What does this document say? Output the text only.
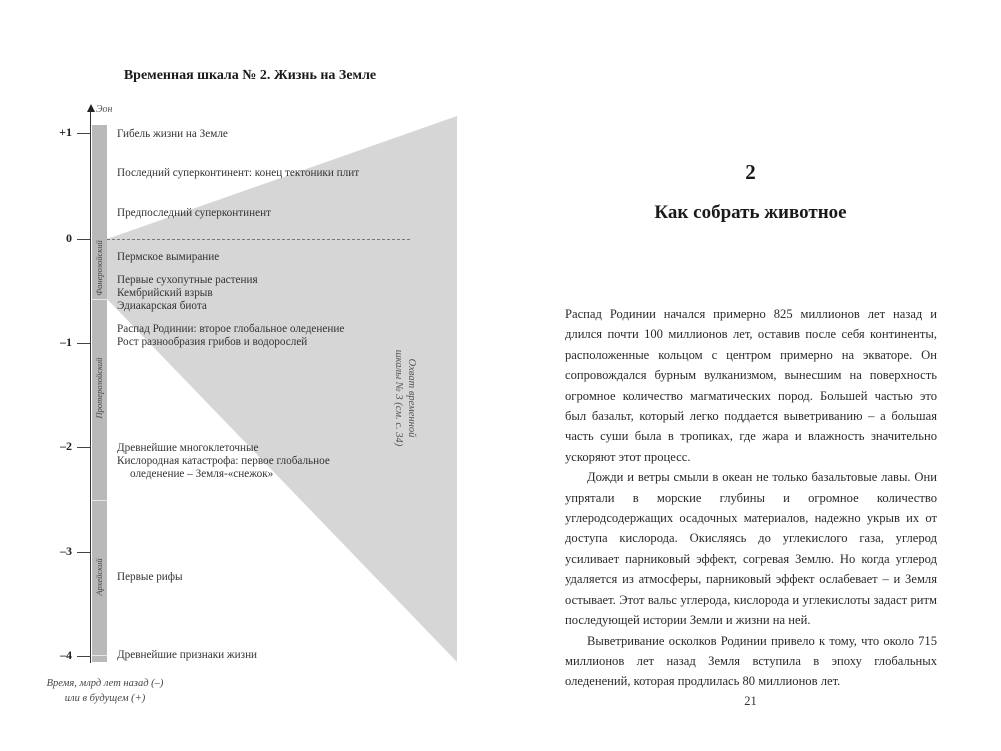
Временная шкала № 2. Жизнь на Земле
Эон
Фанерозойский
Протерозойский
Архейский
+1
0
–1
–2
–3
–4
Гибель жизни на Земле
Последний суперконтинент: конец тектоники плит
Предпоследний суперконтинент
Пермское вымирание
Первые сухопутные растения
Кембрийский взрыв
Эдиакарская биота
Распад Родинии: второе глобальное оледенение
Рост разнообразия грибов и водорослей
Древнейшие многоклеточные
Кислородная катастрофа: первое глобальное
оледенение – Земля-«снежок»
Первые рифы
Древнейшие признаки жизни
Охват временной
шкалы № 3 (см. с. 34)
Время, млрд лет назад (–)
или в будущем (+)
2
Как собрать животное

Распад Родинии начался примерно 825 миллионов лет назад и длился почти 100 миллионов лет, оставив после себя континенты, расположенные кольцом с центром примерно на экваторе. Он сопровождался бурным вулканизмом, вынесшим на поверхность огромное количество магматических пород. Большей частью это был базальт, который легко поддается выветриванию – а большая часть суши была в тропиках, где жара и влажность значительно ускоряют этот процесс.

Дожди и ветры смыли в океан не только базальтовые лавы. Они упрятали в морские глубины и огромное количество углеродсодержащих осадочных материалов, надежно укрыв их от доступа кислорода. Окисляясь до углекислого газа, углерод усиливает парниковый эффект, согревая Землю. Но когда углерод удаляется из атмосферы, парниковый эффект ослабевает – и Земля остывает. Этот вальс углерода, кислорода и углекислоты задаст ритм последующей истории Земли и жизни на ней.

Выветривание осколков Родинии привело к тому, что около 715 миллионов лет назад Земля вступила в эпоху глобальных оледенений, которая продлилась 80 миллионов лет.

21
